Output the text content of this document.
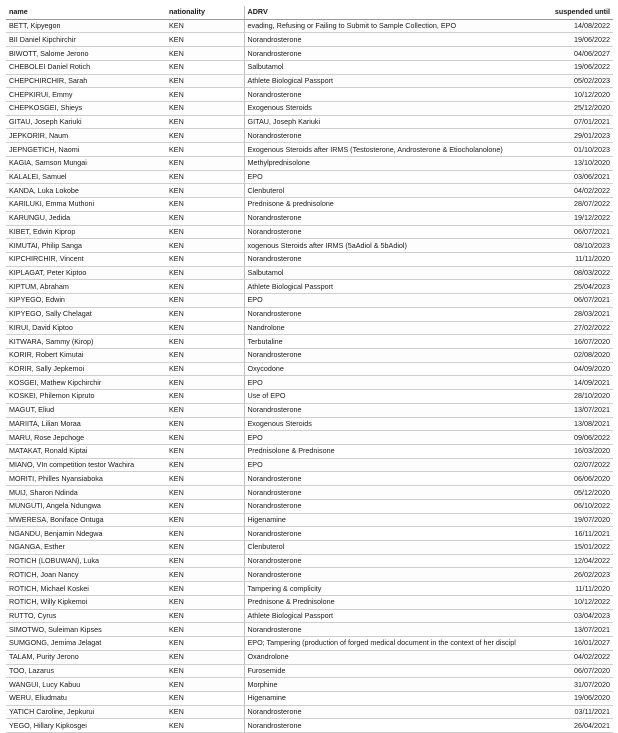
name	nationality	ADRV	suspended until
BETT, Kipyegon	KEN	evading, Refusing or Failing to Submit to Sample Collection, EPO	14/08/2022
BII Daniel Kipchirchir	KEN	Norandrosterone	19/06/2022
BIWOTT, Salome Jerono	KEN	Norandrosterone	04/06/2027
CHEBOLEI Daniel Rotich	KEN	Salbutamol	19/06/2022
CHEPCHIRCHIR, Sarah	KEN	Athlete Biological Passport	05/02/2023
CHEPKIRUI, Emmy	KEN	Norandrosterone	10/12/2020
CHEPKOSGEI, Shieys	KEN	Exogenous Steroids	25/12/2020
GITAU, Joseph Kariuki	KEN	GITAU, Joseph Kariuki	07/01/2021
JEPKORIR, Naum	KEN	Norandrosterone	29/01/2023
JEPNGETICH, Naomi	KEN	Exogenous Steroids after IRMS (Testosterone, Androsterone & Etiocholanolone)	01/10/2023
KAGIA, Samson Mungai	KEN	Methylprednisolone	13/10/2020
KALALEI, Samuel	KEN	EPO	03/06/2021
KANDA, Luka Lokobe	KEN	Clenbuterol	04/02/2022
KARILUKI, Emma Muthoni	KEN	Prednisone & prednisolone	28/07/2022
KARUNGU, Jedida	KEN	Norandrosterone	19/12/2022
KIBET, Edwin Kiprop	KEN	Norandrosterone	06/07/2021
KIMUTAI, Philip Sanga	KEN	xogenous Steroids after IRMS (5aAdiol & 5bAdiol)	08/10/2023
KIPCHIRCHIR, Vincent	KEN	Norandrosterone	11/11/2020
KIPLAGAT, Peter Kiptoo	KEN	Salbutamol	08/03/2022
KIPTUM, Abraham	KEN	Athlete Biological Passport	25/04/2023
KIPYEGO, Edwin	KEN	EPO	06/07/2021
KIPYEGO, Sally Chelagat	KEN	Norandrosterone	28/03/2021
KIRUI, David Kiptoo	KEN	Nandrolone	27/02/2022
KITWARA, Sammy (Kirop)	KEN	Terbutaline	16/07/2020
KORIR, Robert Kimutai	KEN	Norandrosterone	02/08/2020
KORIR, Sally Jepkemoi	KEN	Oxycodone	04/09/2020
KOSGEI, Mathew Kipchirchir	KEN	EPO	14/09/2021
KOSKEI, Philemon Kipruto	KEN	Use of EPO	28/10/2020
MAGUT, Eliud	KEN	Norandrosterone	13/07/2021
MARIITA, Lilian Moraa	KEN	Exogenous Steroids	13/08/2021
MARU, Rose Jepchoge	KEN	EPO	09/06/2022
MATAKAT, Ronald Kiptai	KEN	Prednisolone & Prednisone	16/03/2020
MIANO, VIn competition testor Wachira	KEN	EPO	02/07/2022
MORITI, Philles Nyansiaboka	KEN	Norandrosterone	06/06/2020
MUIJ, Sharon Ndinda	KEN	Norandrosterone	05/12/2020
MUNGUTI, Angela Ndungwa	KEN	Norandrosterone	06/10/2022
MWERESA, Boniface Ontuga	KEN	Higenamine	19/07/2020
NGANDU, Benjamin Ndegwa	KEN	Norandrosterone	16/11/2021
NGANGA, Esther	KEN	Clenbuterol	15/01/2022
ROTICH (LOBUWAN), Luka	KEN	Norandrosterone	12/04/2022
ROTICH, Joan Nancy	KEN	Norandrosterone	26/02/2023
ROTICH, Michael Koskei	KEN	Tampering & complicity	11/11/2020
ROTICH, Willy Kipkemoi	KEN	Prednisone & Prednisolone	10/12/2022
RUTTO, Cyrus	KEN	Athlete Biological Passport	03/04/2023
SIMOTWO, Suleiman Kipses	KEN	Norandrosterone	13/07/2021
SUMGONG, Jemima Jelagat	KEN	EPO; Tampering (production of forged medical document in the context of her discipl	16/01/2027
TALAM, Purity Jerono	KEN	Oxandrolone	04/02/2022
TOO, Lazarus	KEN	Furosemide	06/07/2020
WANGUI, Lucy Kabuu	KEN	Morphine	31/07/2020
WERU, Eliudmatu	KEN	Higenamine	19/06/2020
YATICH Caroline, Jepkurui	KEN	Norandrosterone	03/11/2021
YEGO, Hillary Kipkosgei	KEN	Norandrosterone	26/04/2021
